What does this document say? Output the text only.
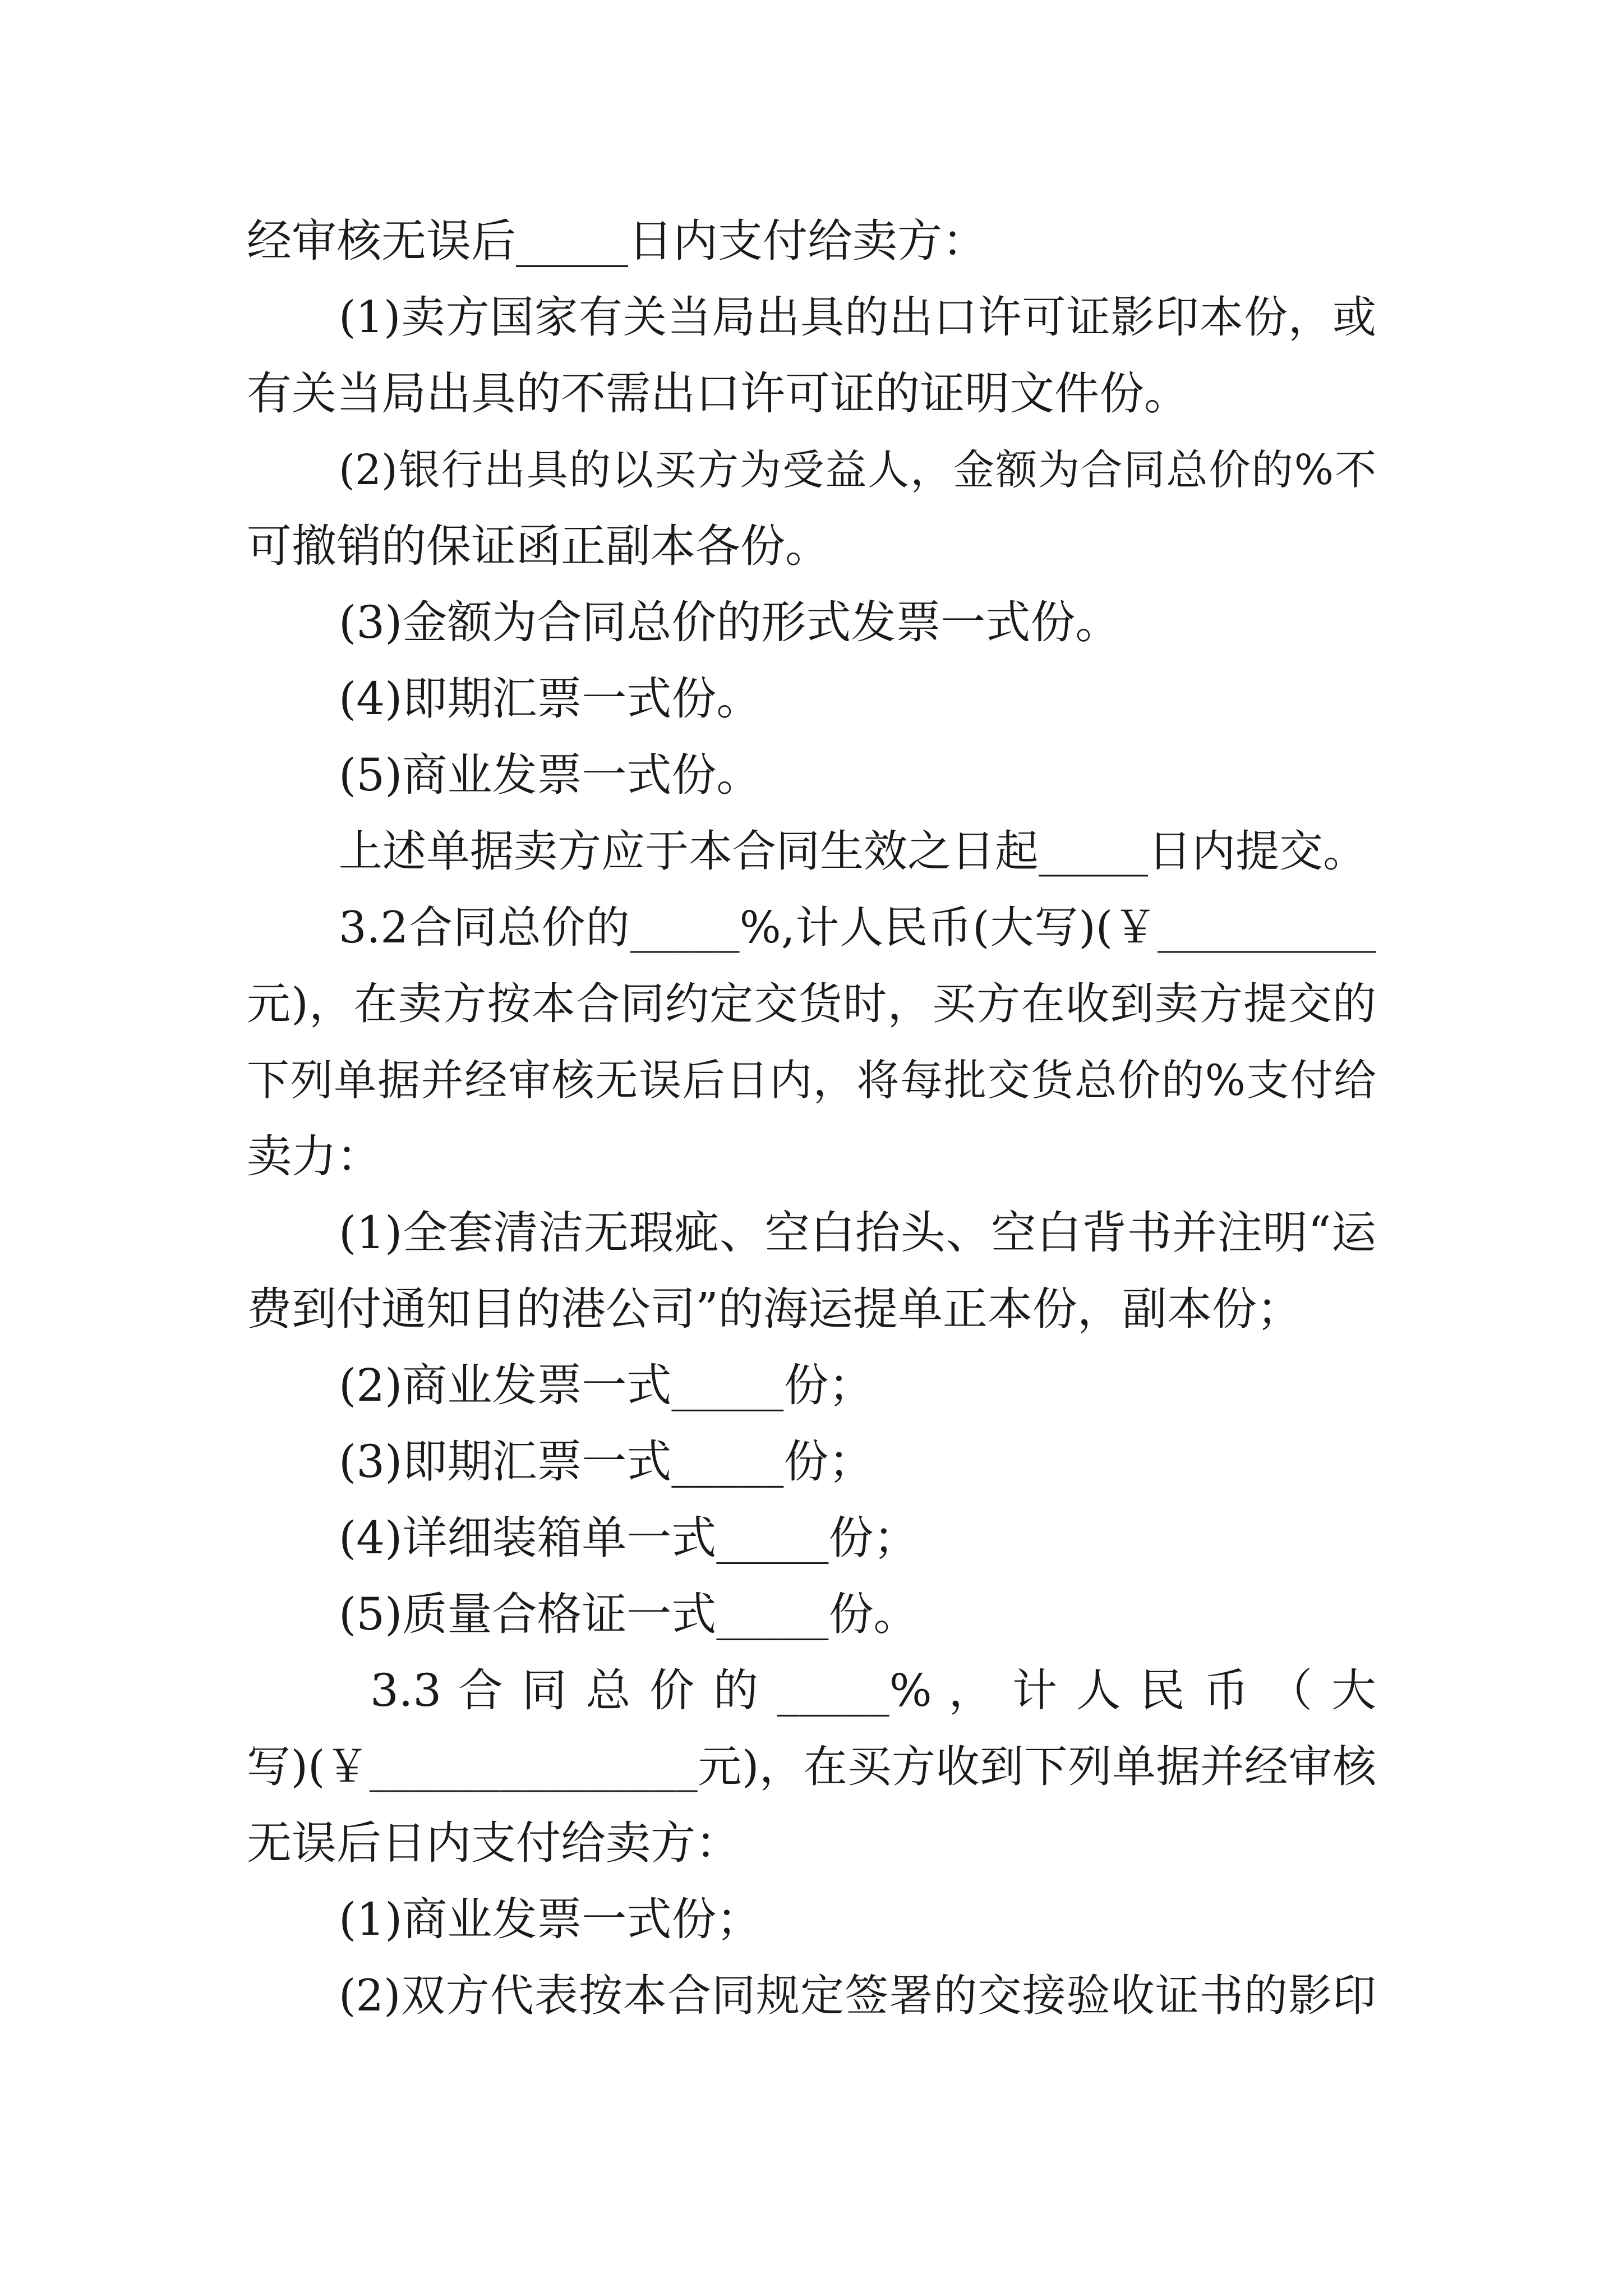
经审核无误后_____日内支付给卖方：
(1)卖方国家有关当局出具的出口许可证影印本份，或
有关当局出具的不需出口许可证的证明文件份。
(2)银行出具的以买方为受益人，金额为合同总价的%不
可撤销的保证函正副本各份。
(3)金额为合同总价的形式发票一式份。
(4)即期汇票一式份。
(5)商业发票一式份。
上述单据卖方应于本合同生效之日起_____日内提交。
3.2合同总价的_____%,计人民币(大写)(￥__________
元)，在卖方按本合同约定交货时，买方在收到卖方提交的
下列单据并经审核无误后日内，将每批交货总价的%支付给
卖力：
(1)全套清洁无瑕疵、空白抬头、空白背书并注明“运
费到付通知目的港公司”的海运提单正本份，副本份；
(2)商业发票一式_____份；
(3)即期汇票一式_____份；
(4)详细装箱单一式_____份；
(5)质量合格证一式_____份。
3.3 合 同 总 价 的 _____% ， 计 人 民 币 （ 大
写)(￥_______________元)，在买方收到下列单据并经审核
无误后日内支付给卖方：
(1)商业发票一式份；
(2)双方代表按本合同规定签署的交接验收证书的影印
